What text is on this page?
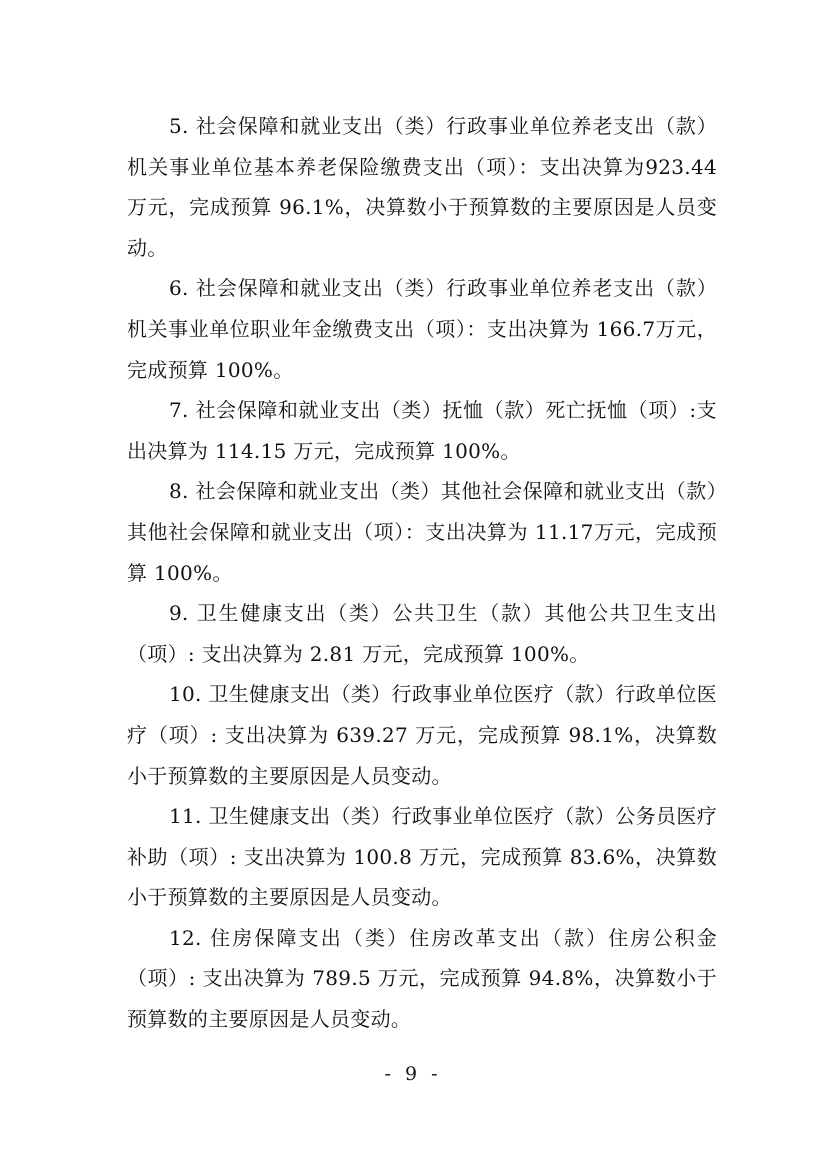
5. 社会保障和就业支出（类）行政事业单位养老支出（款）机关事业单位基本养老保险缴费支出（项）：支出决算为923.44 万元，完成预算 96.1%，决算数小于预算数的主要原因是人员变动。

6. 社会保障和就业支出（类）行政事业单位养老支出（款）机关事业单位职业年金缴费支出（项）：支出决算为 166.7万元，完成预算 100%。

7. 社会保障和就业支出（类）抚恤（款）死亡抚恤（项）:支出决算为 114.15 万元，完成预算 100%。

8. 社会保障和就业支出（类）其他社会保障和就业支出（款）其他社会保障和就业支出（项）：支出决算为 11.17万元，完成预算 100%。

9. 卫生健康支出（类）公共卫生（款）其他公共卫生支出（项）: 支出决算为 2.81 万元，完成预算 100%。

10. 卫生健康支出（类）行政事业单位医疗（款）行政单位医疗（项）: 支出决算为 639.27 万元，完成预算 98.1%，决算数小于预算数的主要原因是人员变动。

11. 卫生健康支出（类）行政事业单位医疗（款）公务员医疗补助（项）: 支出决算为 100.8 万元，完成预算 83.6%，决算数小于预算数的主要原因是人员变动。

12. 住房保障支出（类）住房改革支出（款）住房公积金（项）: 支出决算为 789.5 万元，完成预算 94.8%，决算数小于预算数的主要原因是人员变动。

- 9 -
